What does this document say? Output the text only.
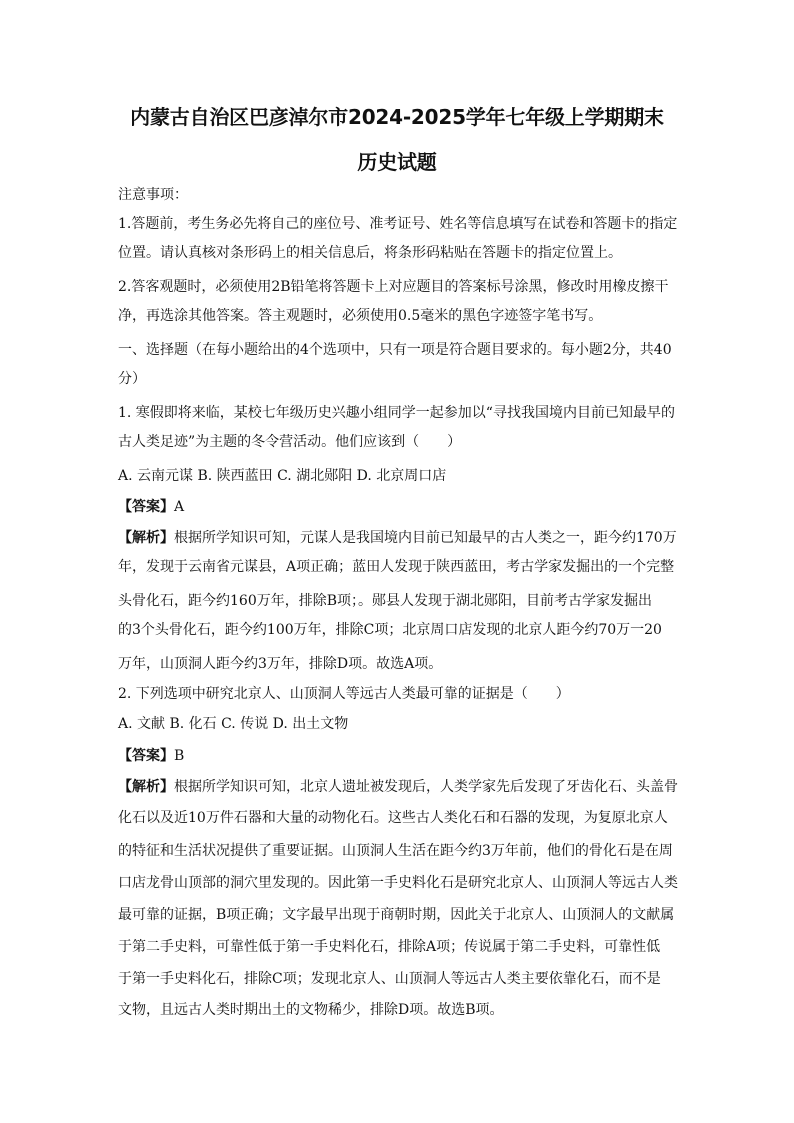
内蒙古自治区巴彦淖尔市2024-2025学年七年级上学期期末
历史试题
注意事项：
1.答题前，考生务必先将自己的座位号、准考证号、姓名等信息填写在试卷和答题卡的指定
位置。请认真核对条形码上的相关信息后，将条形码粘贴在答题卡的指定位置上。
2.答客观题时，必须使用2B铅笔将答题卡上对应题目的答案标号涂黑，修改时用橡皮擦干
净，再选涂其他答案。答主观题时，必须使用0.5毫米的黑色字迹签字笔书写。
一、选择题（在每小题给出的4个选项中，只有一项是符合题目要求的。每小题2分，共40
分）
1. 寒假即将来临，某校七年级历史兴趣小组同学一起参加以“寻找我国境内目前已知最早的
古人类足迹”为主题的冬令营活动。他们应该到（　　）
A. 云南元谋 B. 陕西蓝田 C. 湖北郧阳 D. 北京周口店
【答案】A
【解析】根据所学知识可知，元谋人是我国境内目前已知最早的古人类之一，距今约170万
年，发现于云南省元谋县，A项正确；蓝田人发现于陕西蓝田，考古学家发掘出的一个完整
头骨化石，距今约160万年，排除B项；。郧县人发现于湖北郧阳，目前考古学家发掘出
的3个头骨化石，距今约100万年，排除C项；北京周口店发现的北京人距今约70万一20
万年，山顶洞人距今约3万年，排除D项。故选A项。
2. 下列选项中研究北京人、山顶洞人等远古人类最可靠的证据是（　　）
A. 文献 B. 化石 C. 传说 D. 出土文物
【答案】B
【解析】根据所学知识可知，北京人遗址被发现后，人类学家先后发现了牙齿化石、头盖骨
化石以及近10万件石器和大量的动物化石。这些古人类化石和石器的发现，为复原北京人
的特征和生活状况提供了重要证据。山顶洞人生活在距今约3万年前，他们的骨化石是在周
口店龙骨山顶部的洞穴里发现的。因此第一手史料化石是研究北京人、山顶洞人等远古人类
最可靠的证据，B项正确；文字最早出现于商朝时期，因此关于北京人、山顶洞人的文献属
于第二手史料，可靠性低于第一手史料化石，排除A项；传说属于第二手史料，可靠性低
于第一手史料化石，排除C项；发现北京人、山顶洞人等远古人类主要依靠化石，而不是
文物，且远古人类时期出土的文物稀少，排除D项。故选B项。
